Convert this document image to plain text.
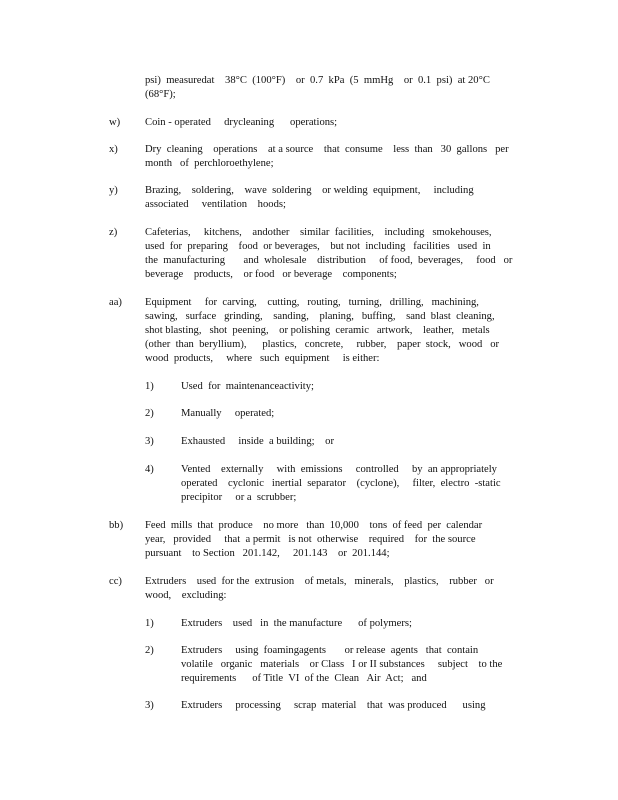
psi)  measuredat    38°C  (100°F)    or  0.7  kPa  (5  mmHg    or  0.1  psi)  at 20°C
(68°F);
w) Coin - operated     drycleaning      operations;
x)	Dry  cleaning    operations    at a source    that  consume    less  than   30  gallons   per
month   of  perchloroethylene;
y)	Brazing,    soldering,    wave  soldering    or welding  equipment,     including
associated     ventilation    hoods;
z)	Cafeterias,     kitchens,    andother    similar  facilities,    including   smokehouses,
used  for  preparing    food  or beverages,    but not  including   facilities   used  in
the  manufacturing       and  wholesale    distribution     of food,  beverages,     food   or
beverage    products,    or food   or beverage    components;
aa) Equipment     for  carving,    cutting,   routing,   turning,   drilling,   machining,
sawing,   surface   grinding,    sanding,    planing,   buffing,    sand  blast  cleaning,
shot blasting,   shot  peening,    or polishing  ceramic   artwork,    leather,   metals
(other  than  beryllium),      plastics,   concrete,     rubber,    paper  stock,   wood   or
wood  products,     where   such  equipment     is either:
1)	Used  for  maintenanceactivity;
2)	Manually     operated;
3)	Exhausted     inside  a building;    or
4)	Vented    externally     with  emissions     controlled     by  an appropriately
operated    cyclonic   inertial  separator    (cyclone),     filter,  electro  -static
precipitor     or a  scrubber;
bb) Feed  mills  that  produce    no more   than  10,000    tons  of feed  per  calendar
year,   provided     that  a permit   is not  otherwise    required    for  the source
pursuant    to Section   201.142,     201.143    or  201.144;
cc) Extruders    used  for the  extrusion    of metals,   minerals,    plastics,    rubber   or
wood,    excluding:
1)	Extruders    used   in  the manufacture      of polymers;
2)	Extruders     using  foamingagents       or release  agents   that  contain
volatile   organic   materials    or Class   I or II substances     subject    to the
requirements      of Title  VI  of the  Clean   Air  Act;   and
3)	Extruders     processing     scrap  material    that  was produced      using
